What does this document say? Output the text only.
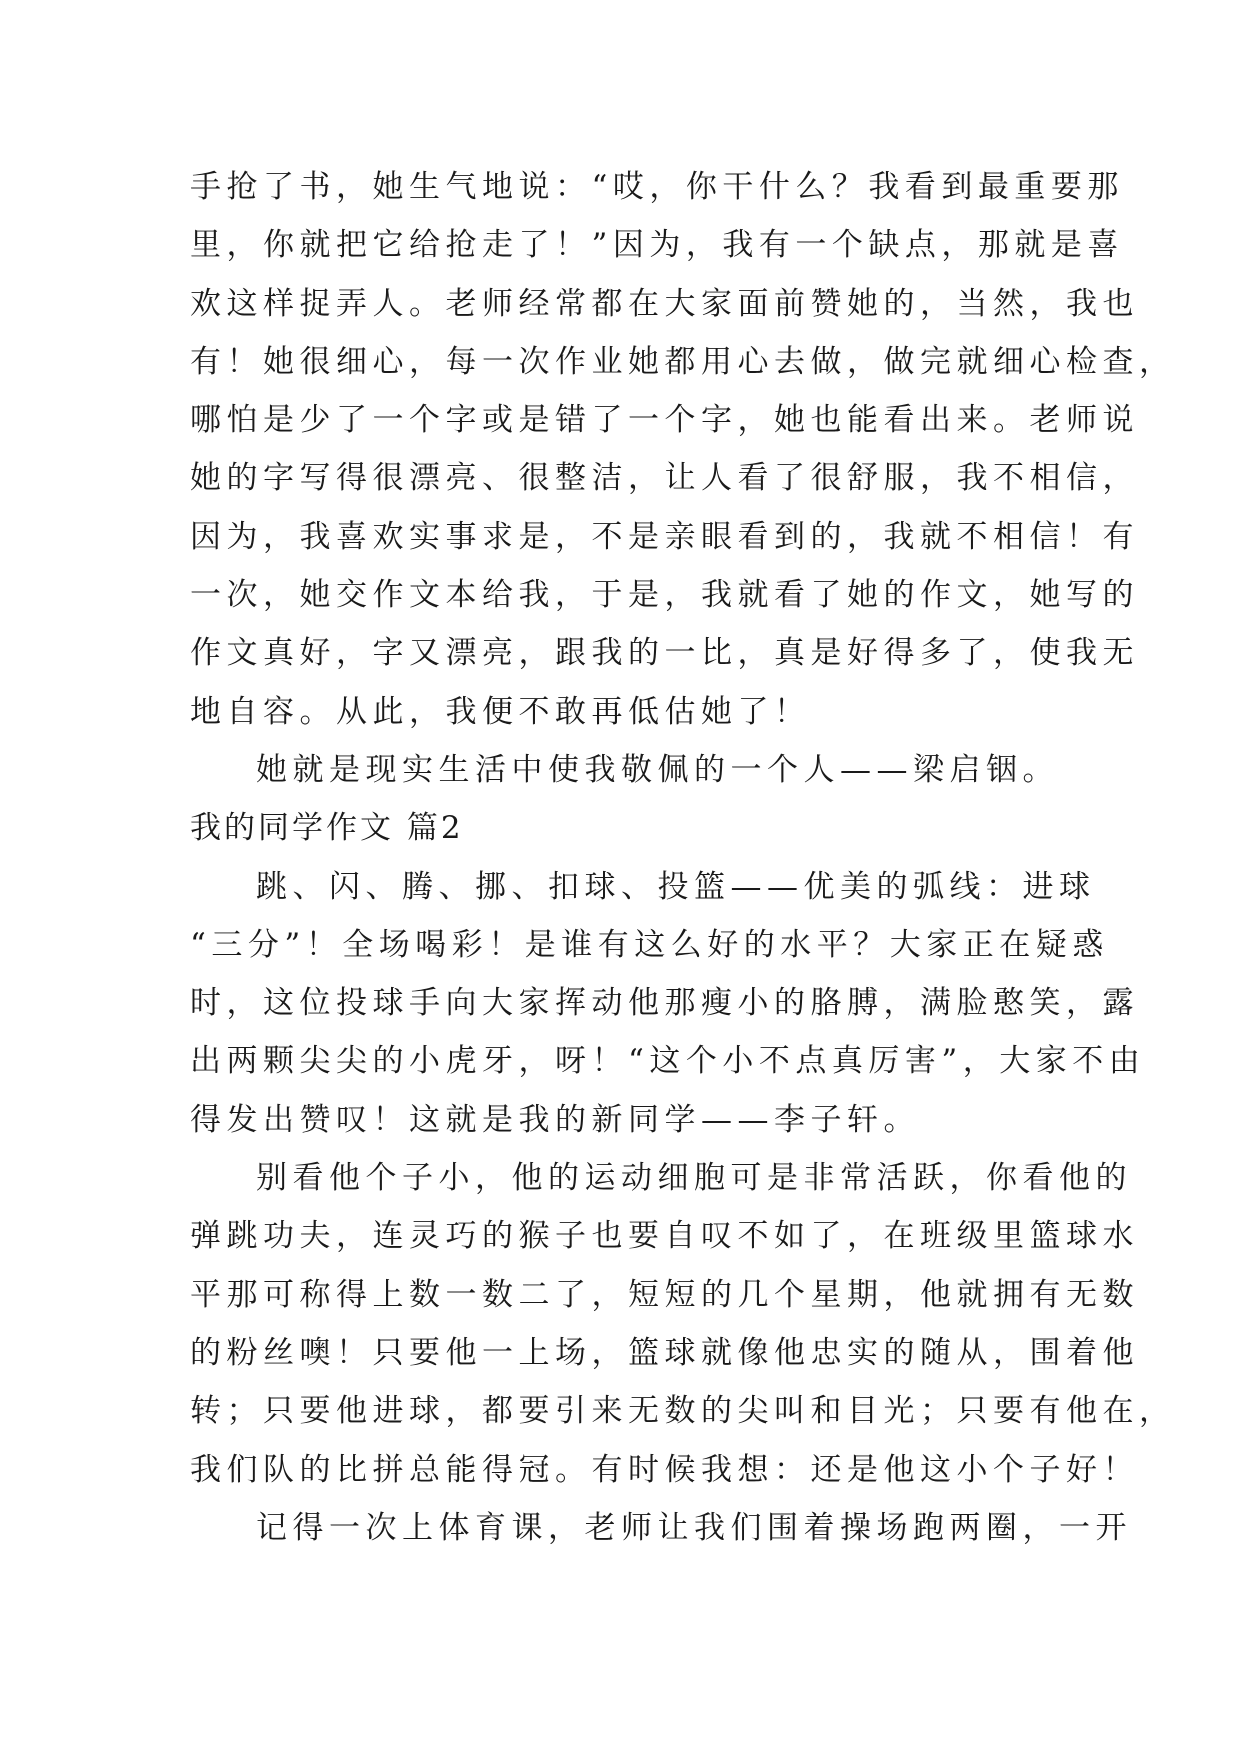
手抢了书，她生气地说：“哎，你干什么？我看到最重要那
里，你就把它给抢走了！”因为，我有一个缺点，那就是喜
欢这样捉弄人。老师经常都在大家面前赞她的，当然，我也
有！她很细心，每一次作业她都用心去做，做完就细心检查，
哪怕是少了一个字或是错了一个字，她也能看出来。老师说
她的字写得很漂亮、很整洁，让人看了很舒服，我不相信，
因为，我喜欢实事求是，不是亲眼看到的，我就不相信！有
一次，她交作文本给我，于是，我就看了她的作文，她写的
作文真好，字又漂亮，跟我的一比，真是好得多了，使我无
地自容。从此，我便不敢再低估她了！
她就是现实生活中使我敬佩的一个人——梁启铟。
我的同学作文 篇2
跳、闪、腾、挪、扣球、投篮——优美的弧线：进球
“三分”！全场喝彩！是谁有这么好的水平？大家正在疑惑
时，这位投球手向大家挥动他那瘦小的胳膊，满脸憨笑，露
出两颗尖尖的小虎牙，呀！“这个小不点真厉害”，大家不由
得发出赞叹！这就是我的新同学——李子轩。
别看他个子小，他的运动细胞可是非常活跃，你看他的
弹跳功夫，连灵巧的猴子也要自叹不如了，在班级里篮球水
平那可称得上数一数二了，短短的几个星期，他就拥有无数
的粉丝噢！只要他一上场，篮球就像他忠实的随从，围着他
转；只要他进球，都要引来无数的尖叫和目光；只要有他在，
我们队的比拼总能得冠。有时候我想：还是他这小个子好！
记得一次上体育课，老师让我们围着操场跑两圈，一开
